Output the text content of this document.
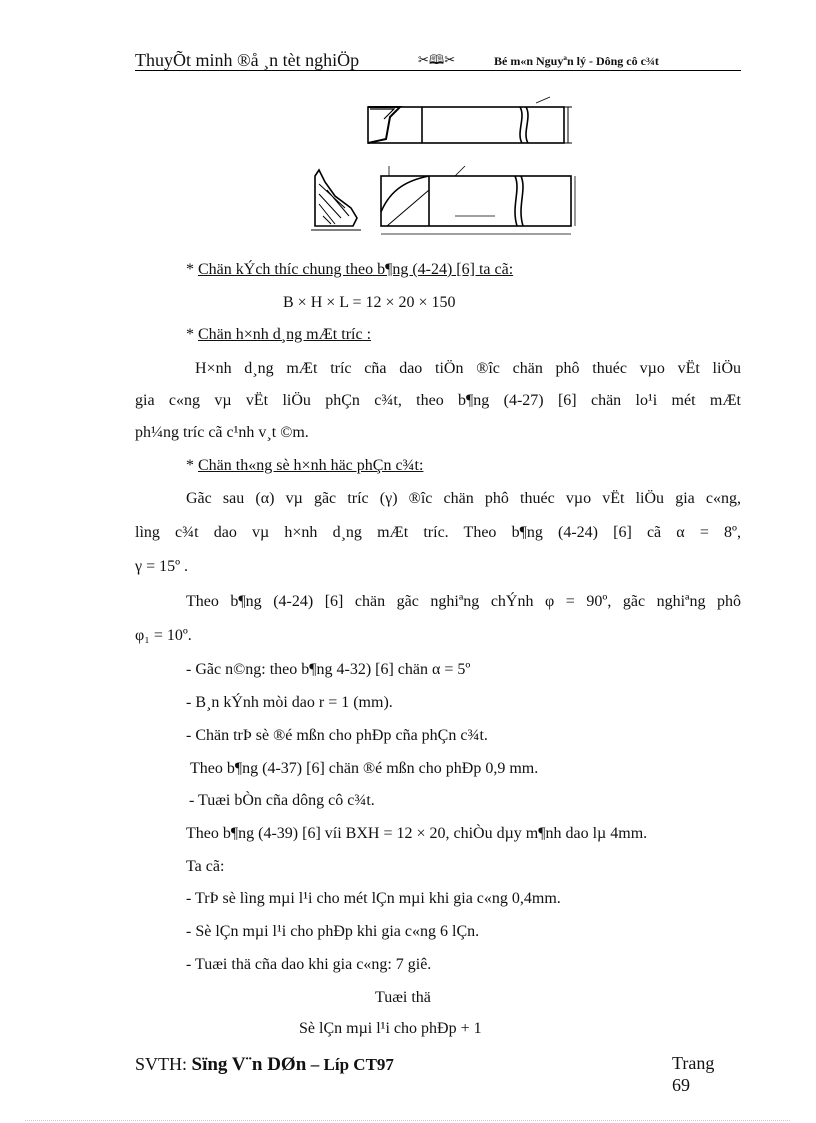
ThuyÕt minh ®å ¸n tèt nghiÖp	✂🕮✂	Bé m«n Nguyªn lý - Dông cô c¾t
* Chän kÝch thíc chung theo b¶ng (4-24) [6] ta cã:
B × H × L = 12 × 20 × 150
* Chän h×nh d¸ng mÆt tríc :
H×nh d¸ng mÆt tríc cña dao tiÖn ®îc chän phô thuéc vµo vËt liÖu
gia c«ng vµ vËt liÖu phÇn c¾t, theo b¶ng (4-27) [6] chän lo¹i mét mÆt
ph¼ng tríc cã c¹nh v¸t ©m.
* Chän th«ng sè h×nh häc phÇn c¾t:
Gãc sau (α) vµ gãc tríc (γ) ®îc chän phô thuéc vµo vËt liÖu gia c«ng,
lìng c¾t dao vµ h×nh d¸ng mÆt tríc. Theo b¶ng (4-24) [6] cã α = 8º,
γ = 15º .
Theo b¶ng (4-24) [6] chän gãc nghiªng chÝnh φ = 90º, gãc nghiªng phô
φ₁ = 10º.
- Gãc n©ng: theo b¶ng 4-32) [6] chän α = 5º
- B¸n kÝnh mòi dao r = 1 (mm).
- Chän trÞ sè ®é mßn cho phÐp cña phÇn c¾t.
Theo b¶ng (4-37) [6] chän ®é mßn cho phÐp 0,9 mm.
- Tuæi bÒn cña dông cô c¾t.
Theo b¶ng (4-39) [6] víi BXH = 12 × 20, chiÒu dµy m¶nh dao lµ 4mm.
Ta cã:
- TrÞ sè lìng mµi l¹i cho mét lÇn mµi khi gia c«ng 0,4mm.
- Sè lÇn mµi l¹i cho phÐp khi gia c«ng 6 lÇn.
- Tuæi thä cña dao khi gia c«ng: 7 giê.
Tuæi thä
Sè lÇn mµi l¹i cho phÐp + 1
SVTH: Sïng V¨n DØn – Líp CT97	Trang
69
